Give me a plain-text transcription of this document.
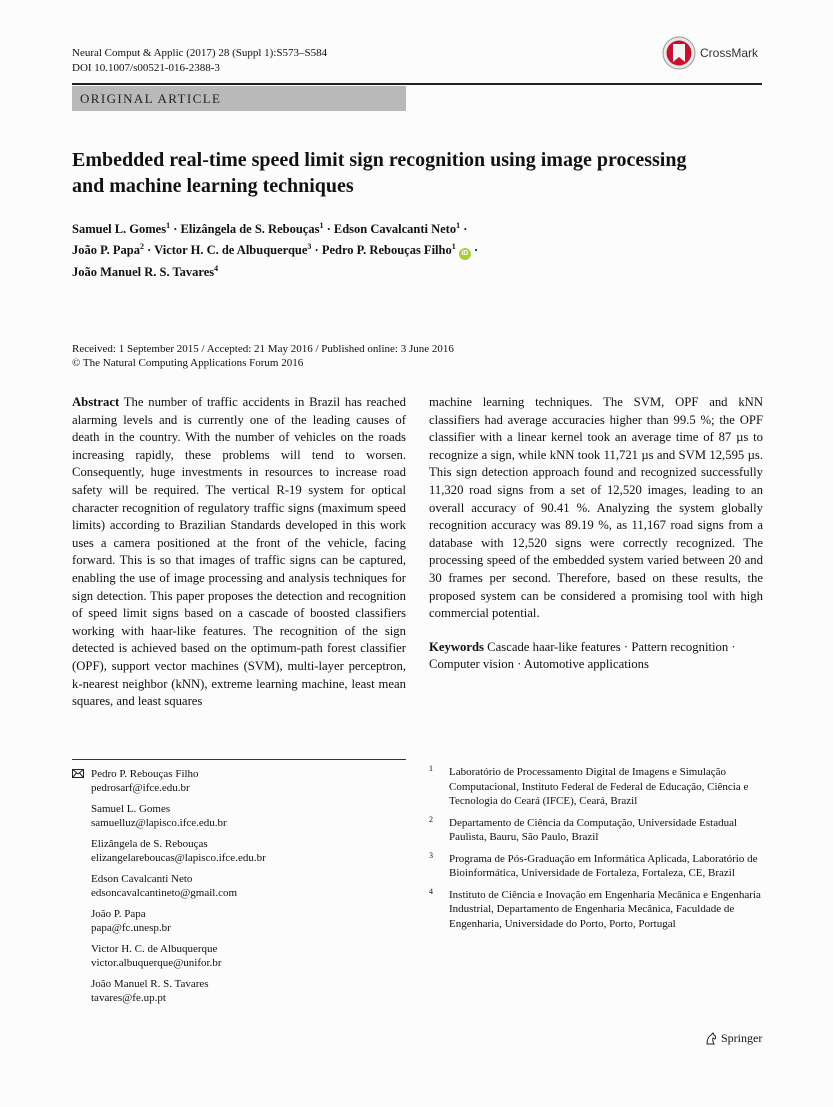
Neural Comput & Applic (2017) 28 (Suppl 1):S573–S584
DOI 10.1007/s00521-016-2388-3
CrossMark
ORIGINAL ARTICLE
Embedded real-time speed limit sign recognition using image processing and machine learning techniques
Samuel L. Gomes$^1$ · Elizângela de S. Rebouças$^1$ · Edson Cavalcanti Neto$^1$ ·
João P. Papa$^2$ · Victor H. C. de Albuquerque$^3$ · Pedro P. Rebouças Filho$^1$ iD ·
João Manuel R. S. Tavares$^4$
Received: 1 September 2015 / Accepted: 21 May 2016 / Published online: 3 June 2016
© The Natural Computing Applications Forum 2016
Abstract The number of traffic accidents in Brazil has reached alarming levels and is currently one of the leading causes of death in the country. With the number of vehicles on the roads increasing rapidly, these problems will tend to worsen. Consequently, huge investments in resources to increase road safety will be required. The vertical R-19 system for optical character recognition of regulatory traffic signs (maximum speed limits) according to Brazilian Standards developed in this work uses a camera positioned at the front of the vehicle, facing forward. This is so that images of traffic signs can be captured, enabling the use of image processing and analysis techniques for sign detection. This paper proposes the detection and recognition of speed limit signs based on a cascade of boosted classifiers working with haar-like features. The recognition of the sign detected is achieved based on the optimum-path forest classifier (OPF), support vector machines (SVM), multi-layer perceptron, k-nearest neighbor (kNN), extreme learning machine, least mean squares, and least squares
machine learning techniques. The SVM, OPF and kNN classifiers had average accuracies higher than 99.5 %; the OPF classifier with a linear kernel took an average time of 87 µs to recognize a sign, while kNN took 11,721 µs and SVM 12,595 µs. This sign detection approach found and recognized successfully 11,320 road signs from a set of 12,520 images, leading to an overall accuracy of 90.41 %. Analyzing the system globally recognition accuracy was 89.19 %, as 11,167 road signs from a database with 12,520 signs were correctly recognized. The processing speed of the embedded system varied between 20 and 30 frames per second. Therefore, based on these results, the proposed system can be considered a promising tool with high commercial potential.
Keywords Cascade haar-like features · Pattern recognition · Computer vision · Automotive applications
Pedro P. Rebouças Filho
pedrosarf@ifce.edu.br
Samuel L. Gomes
samuelluz@lapisco.ifce.edu.br
Elizângela de S. Rebouças
elizangelareboucas@lapisco.ifce.edu.br
Edson Cavalcanti Neto
edsoncavalcantineto@gmail.com
João P. Papa
papa@fc.unesp.br
Victor H. C. de Albuquerque
victor.albuquerque@unifor.br
João Manuel R. S. Tavares
tavares@fe.up.pt
1 Laboratório de Processamento Digital de Imagens e Simulação Computacional, Instituto Federal de Federal de Educação, Ciência e Tecnologia do Ceará (IFCE), Ceará, Brazil
2 Departamento de Ciência da Computação, Universidade Estadual Paulista, Bauru, São Paulo, Brazil
3 Programa de Pós-Graduação em Informática Aplicada, Laboratório de Bioinformática, Universidade de Fortaleza, Fortaleza, CE, Brazil
4 Instituto de Ciência e Inovação em Engenharia Mecânica e Engenharia Industrial, Departamento de Engenharia Mecânica, Faculdade de Engenharia, Universidade do Porto, Porto, Portugal
Springer
